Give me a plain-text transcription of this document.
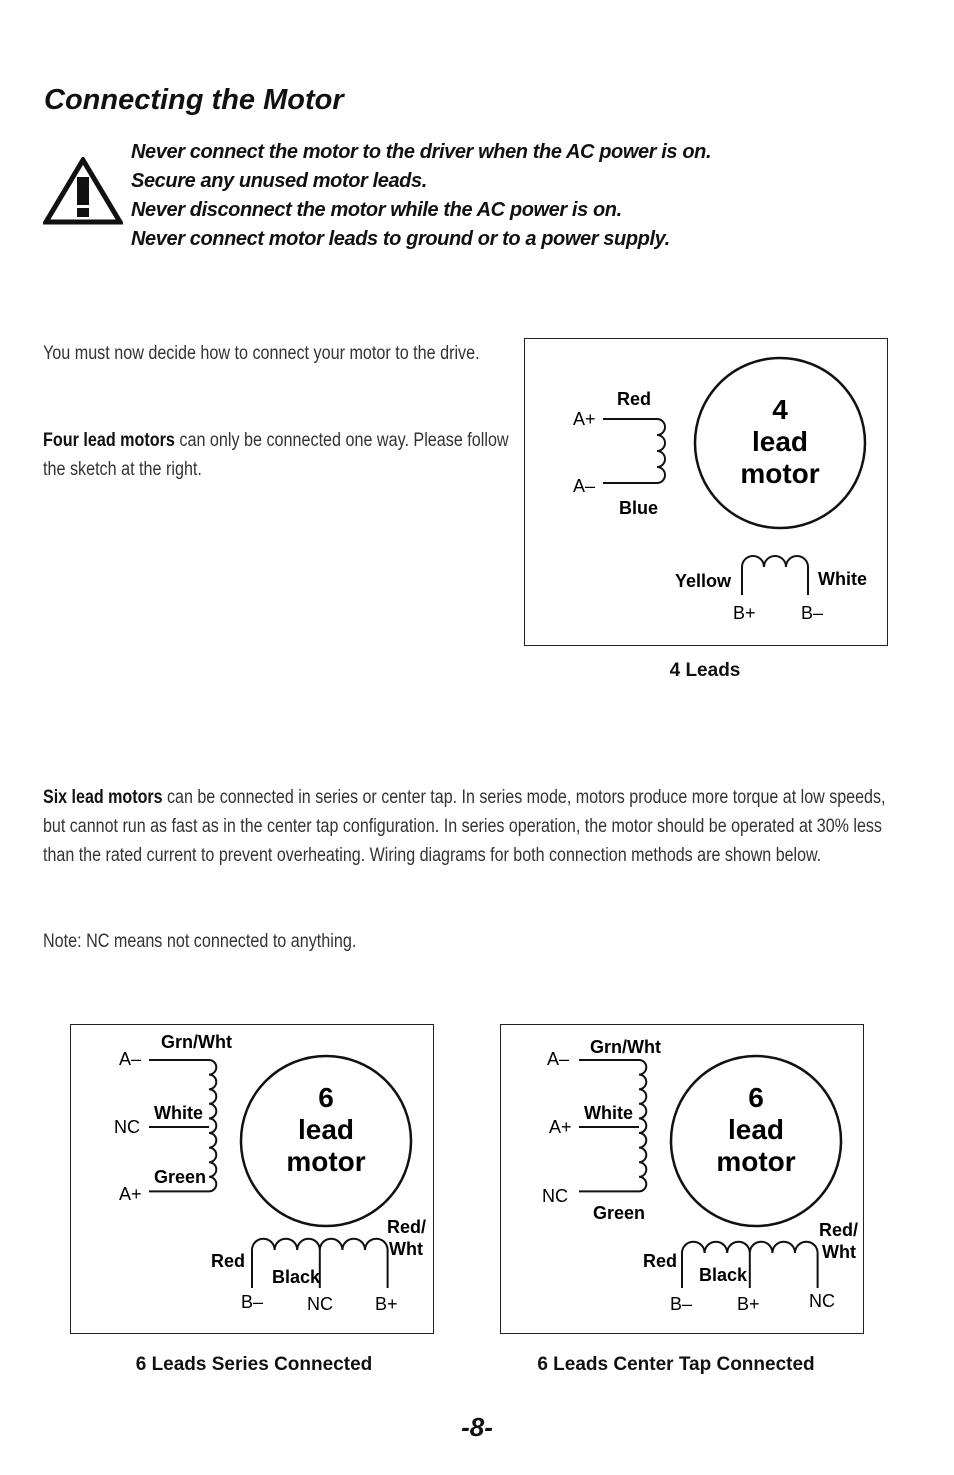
Connecting the Motor
Never connect the motor to the driver when the AC power is on.
Secure any unused motor leads.
Never disconnect the motor while the AC power is on.
Never connect motor leads to ground or to a power supply.

You must now decide how to connect your motor to the drive.

Four lead motors can only be connected one way. Please follow the sketch at the right.

Six lead motors can be connected in series or center tap. In series mode, motors produce more torque at low speeds, but cannot run as fast as in the center tap configuration. In series operation, the motor should be operated at 30% less than the rated current to prevent overheating. Wiring diagrams for both connection methods are shown below.

Note: NC means not connected to anything.

4
lead
motor
A+
A–
Red
Blue
Yellow	White
B+	B–
4 Leads
6
lead
motor
A–
NC
A+
Grn/Wht
White
Green
Red
Black
Red/
Wht
B– NC B+
6 Leads Series Connected
6
lead
motor
A–
A+
NC
Grn/Wht
White
Green
Red
Black
Red/
Wht
B– B+	NC
6 Leads Center Tap Connected
-8-
